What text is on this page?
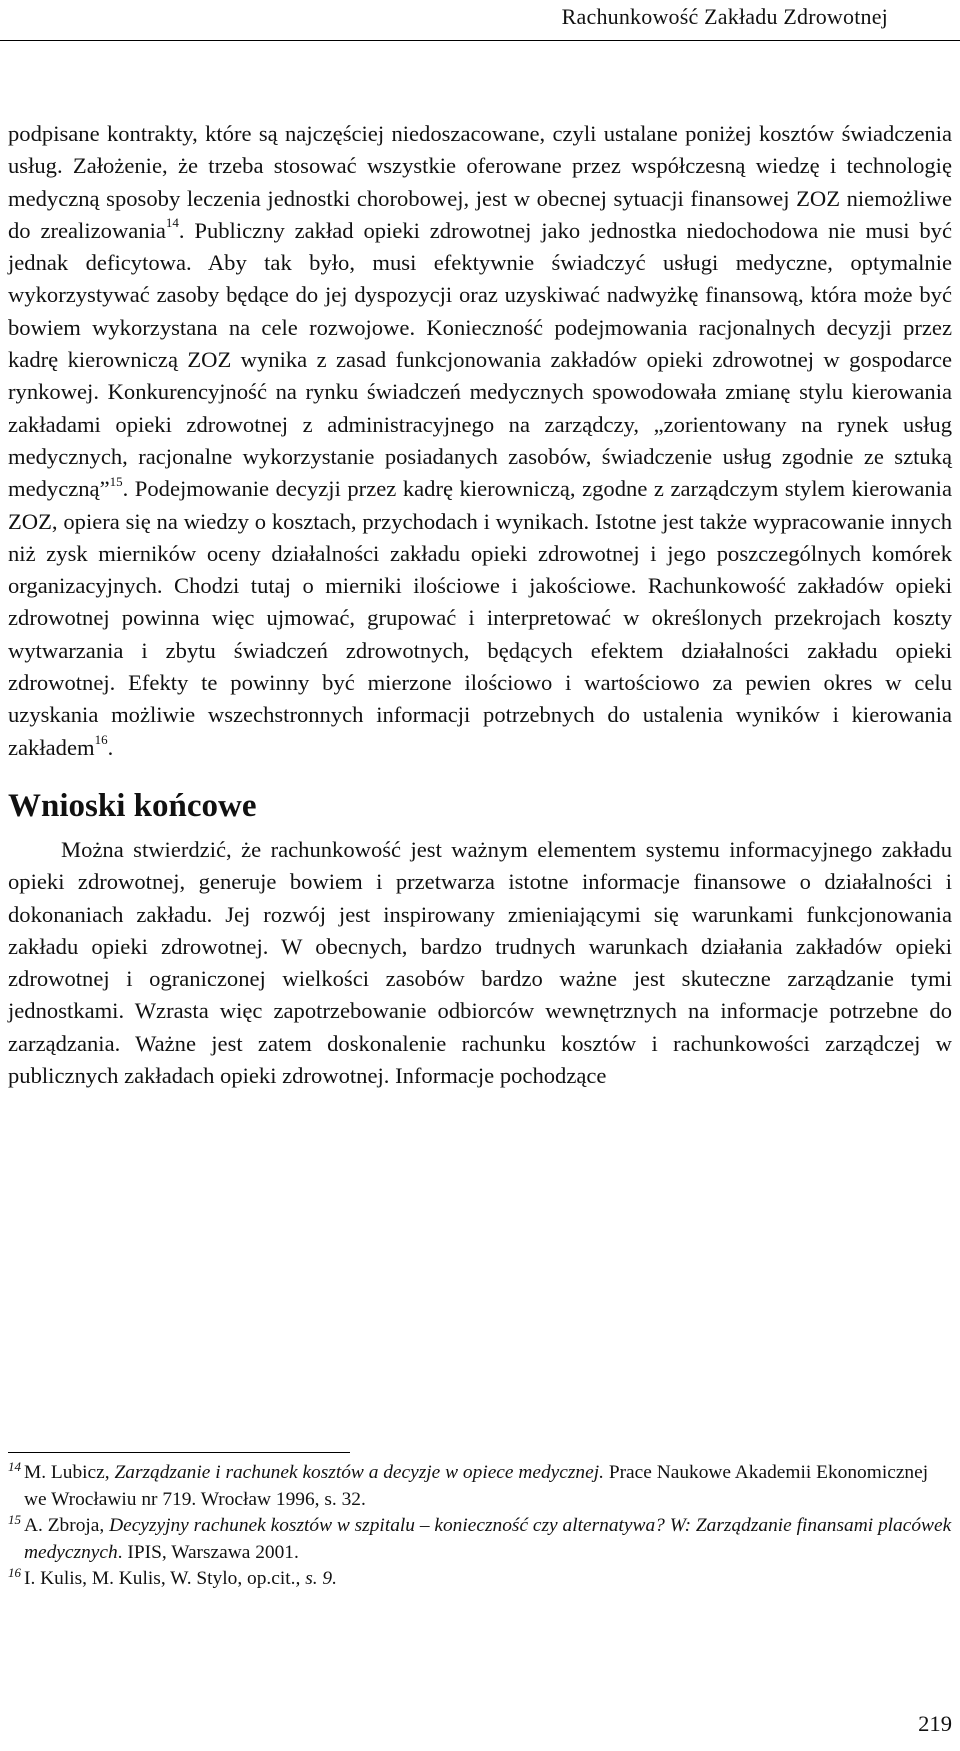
Rachunkowość Zakładu Zdrowotnej

podpisane kontrakty, które są najczęściej niedoszacowane, czyli ustalane poniżej kosztów świadczenia usług. Założenie, że trzeba stosować wszystkie oferowane przez współczesną wiedzę i technologię medyczną sposoby leczenia jednostki chorobowej, jest w obecnej sytuacji finansowej ZOZ niemożliwe do zrealizowania$^{14}$. Publiczny zakład opieki zdrowotnej jako jednostka niedochodowa nie musi być jednak deficytowa. Aby tak było, musi efektywnie świadczyć usługi medyczne, optymalnie wykorzystywać zasoby będące do jej dyspozycji oraz uzyskiwać nadwyżkę finansową, która może być bowiem wykorzystana na cele rozwojowe. Konieczność podejmowania racjonalnych decyzji przez kadrę kierowniczą ZOZ wynika z zasad funkcjonowania zakładów opieki zdrowotnej w gospodarce rynkowej. Konkurencyjność na rynku świadczeń medycznych spowodowała zmianę stylu kierowania zakładami opieki zdrowotnej z administracyjnego na zarządczy, „zorientowany na rynek usług medycznych, racjonalne wykorzystanie posiadanych zasobów, świadczenie usług zgodnie ze sztuką medyczną”$^{15}$. Podejmowanie decyzji przez kadrę kierowniczą, zgodne z zarządczym stylem kierowania ZOZ, opiera się na wiedzy o kosztach, przychodach i wynikach. Istotne jest także wypracowanie innych niż zysk mierników oceny działalności zakładu opieki zdrowotnej i jego poszczególnych komórek organizacyjnych. Chodzi tutaj o mierniki ilościowe i jakościowe. Rachunkowość zakładów opieki zdrowotnej powinna więc ujmować, grupować i interpretować w określonych przekrojach koszty wytwarzania i zbytu świadczeń zdrowotnych, będących efektem działalności zakładu opieki zdrowotnej. Efekty te powinny być mierzone ilościowo i wartościowo za pewien okres w celu uzyskania możliwie wszechstronnych informacji potrzebnych do ustalenia wyników i kierowania zakładem$^{16}$.

Wnioski końcowe

Można stwierdzić, że rachunkowość jest ważnym elementem systemu informacyjnego zakładu opieki zdrowotnej, generuje bowiem i przetwarza istotne informacje finansowe o działalności i dokonaniach zakładu. Jej rozwój jest inspirowany zmieniającymi się warunkami funkcjonowania zakładu opieki zdrowotnej. W obecnych, bardzo trudnych warunkach działania zakładów opieki zdrowotnej i ograniczonej wielkości zasobów bardzo ważne jest skuteczne zarządzanie tymi jednostkami. Wzrasta więc zapotrzebowanie odbiorców wewnętrznych na informacje potrzebne do zarządzania. Ważne jest zatem doskonalenie rachunku kosztów i rachunkowości zarządczej w publicznych zakładach opieki zdrowotnej. Informacje pochodzące

14 M. Lubicz, Zarządzanie i rachunek kosztów a decyzje w opiece medycznej. Prace Naukowe Akademii Ekonomicznej we Wrocławiu nr 719. Wrocław 1996, s. 32.
15 A. Zbroja, Decyzyjny rachunek kosztów w szpitalu – konieczność czy alternatywa? W: Zarządzanie finansami placówek medycznych. IPIS, Warszawa 2001.
16 I. Kulis, M. Kulis, W. Stylo, op.cit., s. 9.
219
